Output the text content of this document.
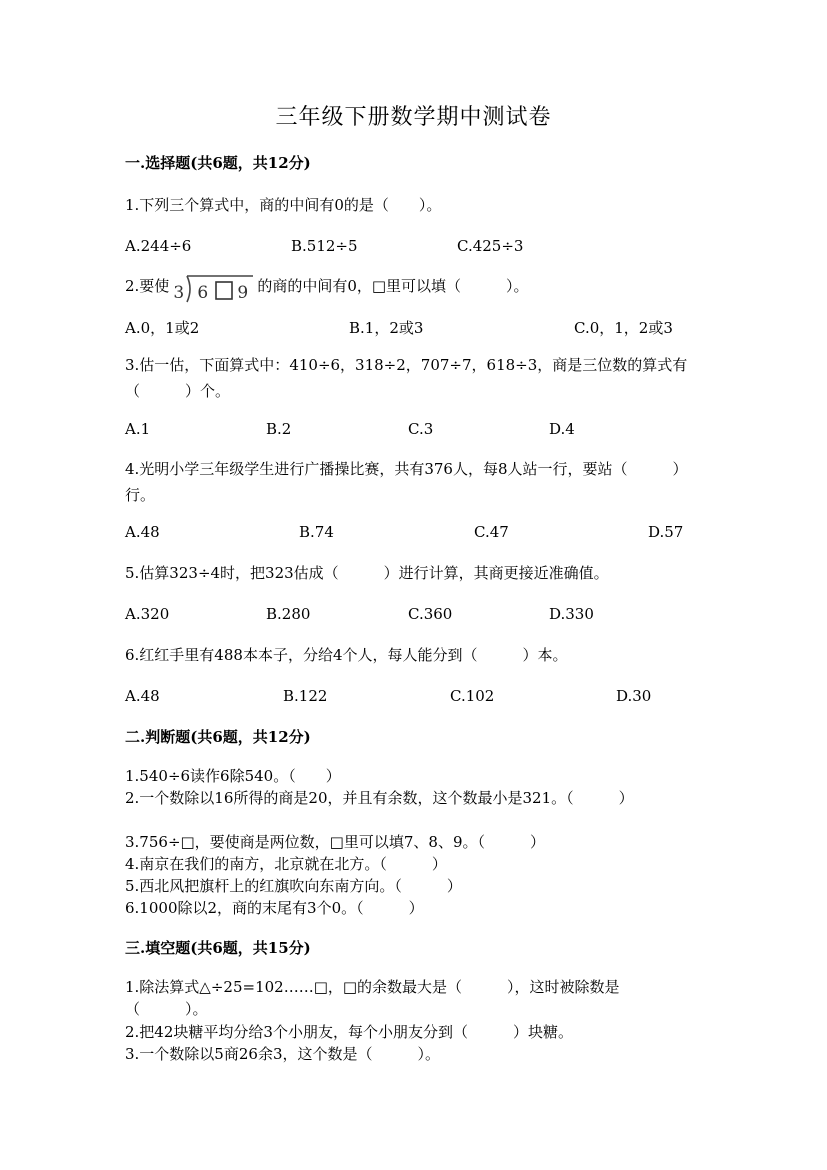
三年级下册数学期中测试卷
一.选择题(共6题，共12分)
1.下列三个算式中，商的中间有0的是（　　）。
A.244÷6	B.512÷5	C.425÷3
2.要使 3 6 9 的商的中间有0，□里可以填（　　　）。
A.0，1或2	B.1，2或3	C.0，1，2或3
3.估一估，下面算式中：410÷6，318÷2，707÷7，618÷3，商是三位数的算式有（　　　）个。
A.1	B.2	C.3	D.4
4.光明小学三年级学生进行广播操比赛，共有376人，每8人站一行，要站（　　　）行。
A.48	B.74	C.47	D.57
5.估算323÷4时，把323估成（　　　）进行计算，其商更接近准确值。
A.320	B.280	C.360	D.330
6.红红手里有488本本子，分给4个人，每人能分到（　　　）本。
A.48	B.122	C.102	D.30
二.判断题(共6题，共12分)
1.540÷6读作6除540。（　　）
2.一个数除以16所得的商是20，并且有余数，这个数最小是321。（　　　）
3.756÷□，要使商是两位数，□里可以填7、8、9。（　　　）
4.南京在我们的南方，北京就在北方。（　　　）
5.西北风把旗杆上的红旗吹向东南方向。（　　　）
6.1000除以2，商的末尾有3个0。（　　　）
三.填空题(共6题，共15分)
1.除法算式△÷25=102……□，□的余数最大是（　　　），这时被除数是（　　　）。
2.把42块糖平均分给3个小朋友，每个小朋友分到（　　　）块糖。
3.一个数除以5商26余3，这个数是（　　　）。
